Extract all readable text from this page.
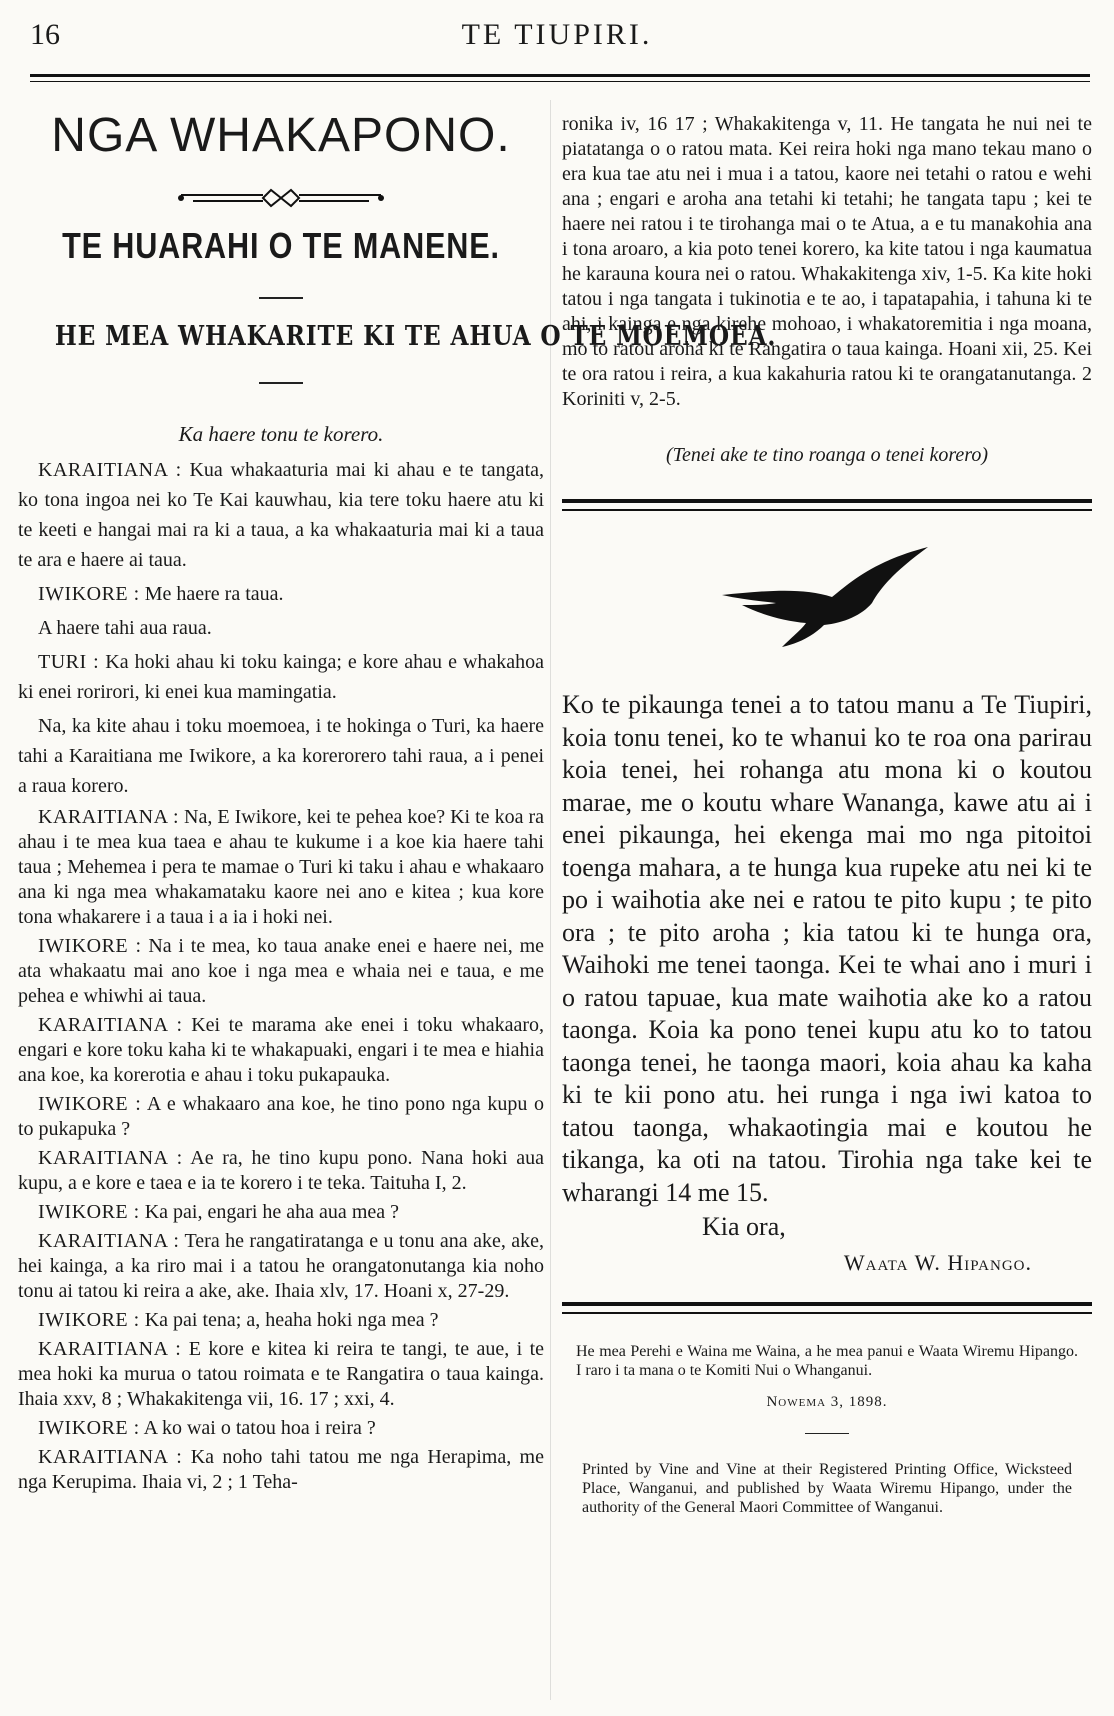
16	TE TIUPIRI.
NGA WHAKAPONO.
TE HUARAHI O TE MANENE.
HE MEA WHAKARITE KI TE AHUA O TE MOEMOEA.
Ka haere tonu te korero.

KARAITIANA : Kua whakaaturia mai ki ahau e te tangata, ko tona ingoa nei ko Te Kai kauwhau, kia tere toku haere atu ki te keeti e hangai mai ra ki a taua, a ka whakaaturia mai ki a taua te ara e haere ai taua.

IWIKORE : Me haere ra taua.

A haere tahi aua raua.

TURI : Ka hoki ahau ki toku kainga; e kore ahau e whakahoa ki enei rorirori, ki enei kua mamingatia.

Na, ka kite ahau i toku moemoea, i te hokinga o Turi, ka haere tahi a Karaitiana me Iwikore, a ka korerorero tahi raua, a i penei a raua korero.

KARAITIANA : Na, E Iwikore, kei te pehea koe? Ki te koa ra ahau i te mea kua taea e ahau te kukume i a koe kia haere tahi taua ; Mehemea i pera te mamae o Turi ki taku i ahau e whakaaro ana ki nga mea whakamataku kaore nei ano e kitea ; kua kore tona whakarere i a taua i a ia i hoki nei.

IWIKORE : Na i te mea, ko taua anake enei e haere nei, me ata whakaatu mai ano koe i nga mea e whaia nei e taua, e me pehea e whiwhi ai taua.

KARAITIANA : Kei te marama ake enei i toku whakaaro, engari e kore toku kaha ki te whakapuaki, engari i te mea e hiahia ana koe, ka korerotia e ahau i toku pukapauka.

IWIKORE : A e whakaaro ana koe, he tino pono nga kupu o to pukapuka ?

KARAITIANA : Ae ra, he tino kupu pono. Nana hoki aua kupu, a e kore e taea e ia te korero i te teka. Taituha I, 2.

IWIKORE : Ka pai, engari he aha aua mea ?

KARAITIANA : Tera he rangatiratanga e u tonu ana ake, ake, hei kainga, a ka riro mai i a tatou he orangatonutanga kia noho tonu ai tatou ki reira a ake, ake. Ihaia xlv, 17. Hoani x, 27-29.

IWIKORE : Ka pai tena; a, heaha hoki nga mea ?

KARAITIANA : E kore e kitea ki reira te tangi, te aue, i te mea hoki ka murua o tatou roimata e te Rangatira o taua kainga. Ihaia xxv, 8 ; Whakakitenga vii, 16. 17 ; xxi, 4.

IWIKORE : A ko wai o tatou hoa i reira ?

KARAITIANA : Ka noho tahi tatou me nga Herapima, me nga Kerupima. Ihaia vi, 2 ; 1 Teha-

ronika iv, 16 17 ; Whakakitenga v, 11. He tangata he nui nei te piatatanga o o ratou mata. Kei reira hoki nga mano tekau mano o era kua tae atu nei i mua i a tatou, kaore nei tetahi o ratou e wehi ana ; engari e aroha ana tetahi ki tetahi; he tangata tapu ; kei te haere nei ratou i te tirohanga mai o te Atua, a e tu manakohia ana i tona aroaro, a kia poto tenei korero, ka kite tatou i nga kaumatua he karauna koura nei o ratou. Whakakitenga xiv, 1-5. Ka kite hoki tatou i nga tangata i tukinotia e te ao, i tapatapahia, i tahuna ki te ahi, i kainga e nga kirehe mohoao, i whakatoremitia i nga moana, mo to ratou aroha ki te Rangatira o taua kainga. Hoani xii, 25. Kei te ora ratou i reira, a kua kakahuria ratou ki te orangatanutanga. 2 Koriniti v, 2-5.

(Tenei ake te tino roanga o tenei korero)

Ko te pikaunga tenei a to tatou manu a Te Tiupiri, koia tonu tenei, ko te whanui ko te roa ona parirau koia tenei, hei rohanga atu mona ki o koutou marae, me o koutu whare Wananga, kawe atu ai i enei pikaunga, hei ekenga mai mo nga pitoitoi toenga mahara, a te hunga kua rupeke atu nei ki te po i waihotia ake nei e ratou te pito kupu ; te pito ora ; te pito aroha ; kia tatou ki te hunga ora, Waihoki me tenei taonga. Kei te whai ano i muri i o ratou tapuae, kua mate waihotia ake ko a ratou taonga. Koia ka pono tenei kupu atu ko to tatou taonga tenei, he taonga maori, koia ahau ka kaha ki te kii pono atu. hei runga i nga iwi katoa to tatou taonga, whakaotingia mai e koutou he tikanga, ka oti na tatou. Tirohia nga take kei te wharangi 14 me 15.

Kia ora,

Waata W. Hipango.
He mea Perehi e Waina me Waina, a he mea panui e Waata Wiremu Hipango. I raro i ta mana o te Komiti Nui o Whanganui.
Nowema 3, 1898.
Printed by Vine and Vine at their Registered Printing Office, Wicksteed Place, Wanganui, and published by Waata Wiremu Hipango, under the authority of the General Maori Committee of Wanganui.
